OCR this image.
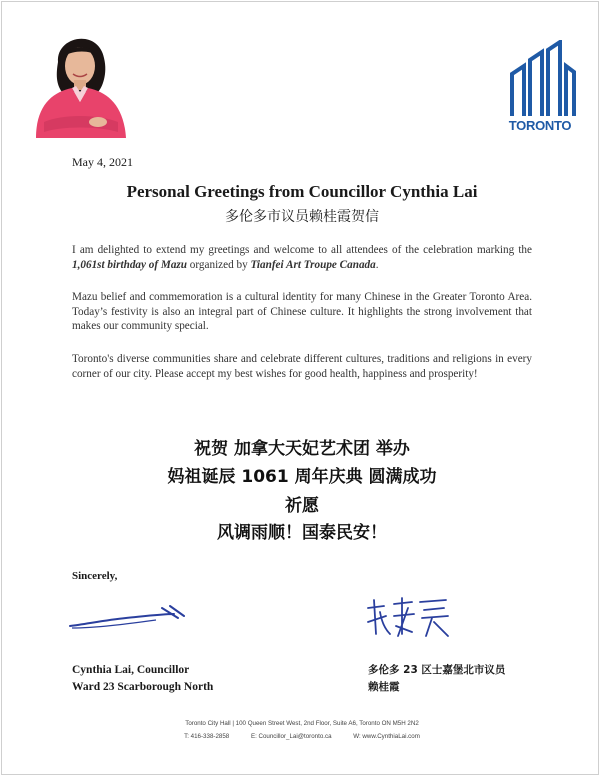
TORONTO
May 4, 2021
Personal Greetings from Councillor Cynthia Lai
多伦多市议员赖桂霞贺信
I am delighted to extend my greetings and welcome to all attendees of the celebration marking the 1,061st birthday of Mazu organized by Tianfei Art Troupe Canada.
Mazu belief and commemoration is a cultural identity for many Chinese in the Greater Toronto Area. Today’s festivity is also an integral part of Chinese culture. It highlights the strong involvement that makes our community special.
Toronto's diverse communities share and celebrate different cultures, traditions and religions in every corner of our city. Please accept my best wishes for good health, happiness and prosperity!
祝贺 加拿大天妃艺术团 举办
妈祖诞辰 1061 周年庆典 圆满成功
祈愿
风调雨顺！国泰民安！
Sincerely,
Cynthia Lai, Councillor
Ward 23 Scarborough North
多伦多 23 区士嘉堡北市议员
赖桂霞
Toronto City Hall | 100 Queen Street West, 2nd Floor, Suite A6, Toronto ON M5H 2N2
T: 416-338-2858	E: Councillor_Lai@toronto.ca	W: www.CynthiaLai.com
